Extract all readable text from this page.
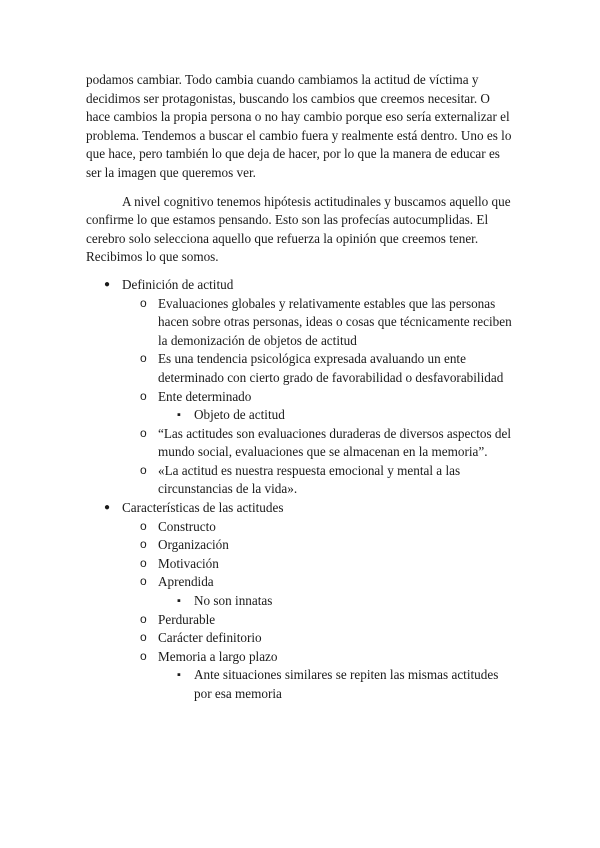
podamos cambiar. Todo cambia cuando cambiamos la actitud de víctima y decidimos ser protagonistas, buscando los cambios que creemos necesitar. O hace cambios la propia persona o no hay cambio porque eso sería externalizar el problema. Tendemos a buscar el cambio fuera y realmente está dentro. Uno es lo que hace, pero también lo que deja de hacer, por lo que la manera de educar es ser la imagen que queremos ver.

A nivel cognitivo tenemos hipótesis actitudinales y buscamos aquello que confirme lo que estamos pensando. Esto son las profecías autocumplidas. El cerebro solo selecciona aquello que refuerza la opinión que creemos tener. Recibimos lo que somos.

● Definición de actitud
o Evaluaciones globales y relativamente estables que las personas hacen sobre otras personas, ideas o cosas que técnicamente reciben la demonización de objetos de actitud
o Es una tendencia psicológica expresada avaluando un ente determinado con cierto grado de favorabilidad o desfavorabilidad
o Ente determinado
▪ Objeto de actitud
o “Las actitudes son evaluaciones duraderas de diversos aspectos del mundo social, evaluaciones que se almacenan en la memoria”.
o «La actitud es nuestra respuesta emocional y mental a las circunstancias de la vida».
● Características de las actitudes
o Constructo
o Organización
o Motivación
o Aprendida
▪ No son innatas
o Perdurable
o Carácter definitorio
o Memoria a largo plazo
▪ Ante situaciones similares se repiten las mismas actitudes por esa memoria
